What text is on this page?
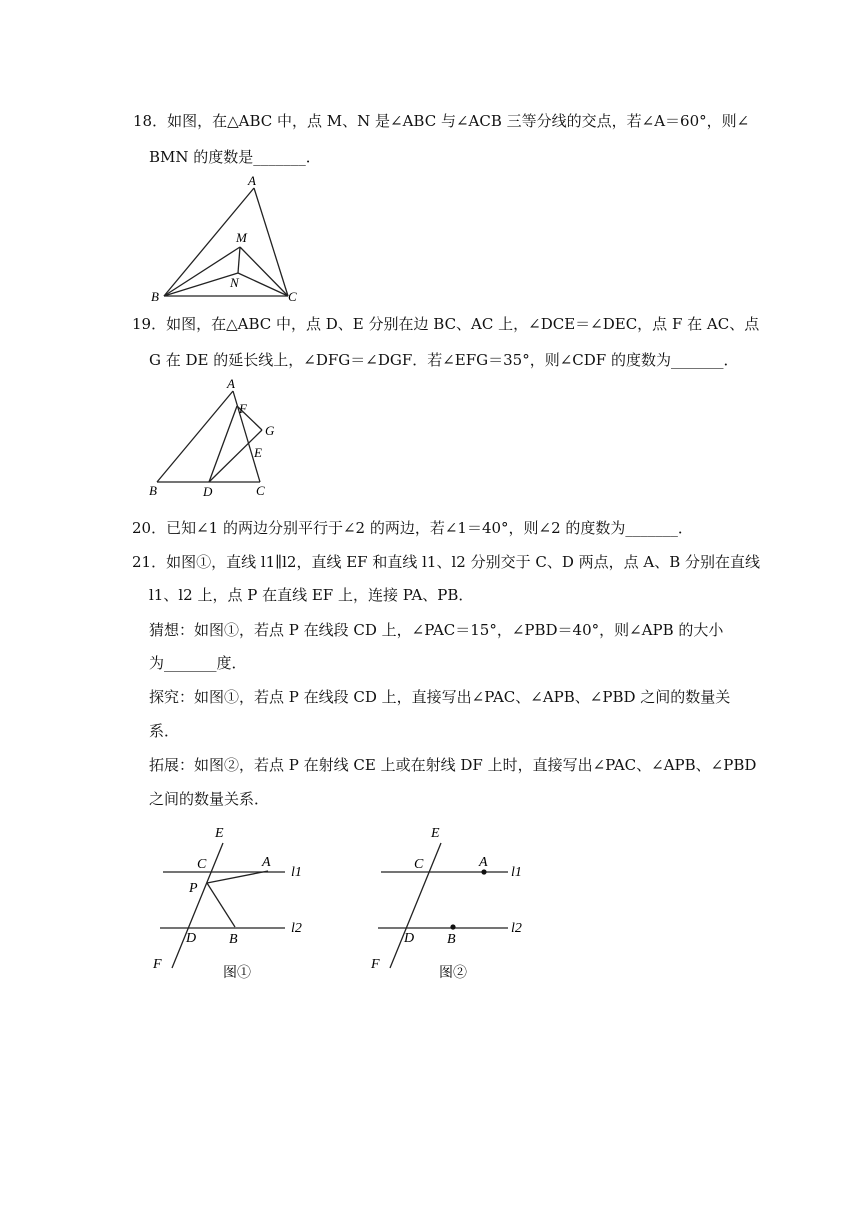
18．如图，在△ABC 中，点 M、N 是∠ABC 与∠ACB 三等分线的交点，若∠A＝60°，则∠
BMN 的度数是_______．
A
M
N
B	C
19．如图，在△ABC 中，点 D、E 分别在边 BC、AC 上，∠DCE＝∠DEC，点 F 在 AC、点
G 在 DE 的延长线上，∠DFG＝∠DGF．若∠EFG＝35°，则∠CDF 的度数为_______．
A
F
G
E
B	D	C
20．已知∠1 的两边分别平行于∠2 的两边，若∠1＝40°，则∠2 的度数为_______．
21．如图①，直线 l1∥l2，直线 EF 和直线 l1、l2 分别交于 C、D 两点，点 A、B 分别在直线
l1、l2 上，点 P 在直线 EF 上，连接 PA、PB．
猜想：如图①，若点 P 在线段 CD 上，∠PAC＝15°，∠PBD＝40°，则∠APB 的大小
为_______度．
探究：如图①，若点 P 在线段 CD 上，直接写出∠PAC、∠APB、∠PBD 之间的数量关
系．
拓展：如图②，若点 P 在射线 CE 上或在射线 DF 上时，直接写出∠PAC、∠APB、∠PBD
之间的数量关系．
E
C	A
l1
P
l2
D B
F
图①
E
C	A
l1
l2
D B
F
图②
